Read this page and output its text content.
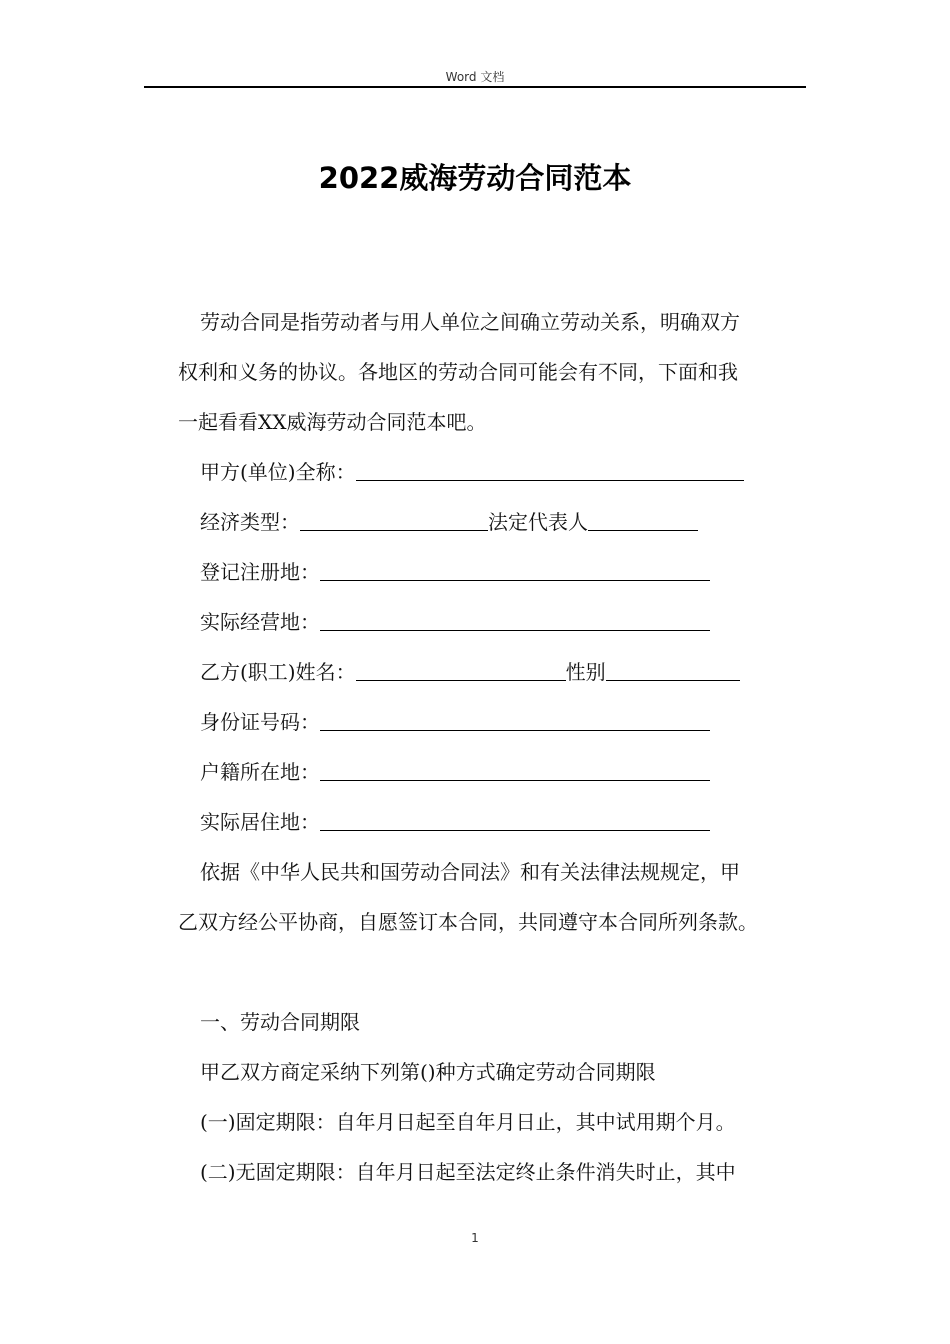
Word 文档
2022威海劳动合同范本

劳动合同是指劳动者与用人单位之间确立劳动关系，明确双方

权利和义务的协议。各地区的劳动合同可能会有不同，下面和我

一起看看XX威海劳动合同范本吧。

甲方(单位)全称：

经济类型：	法定代表人

登记注册地：

实际经营地：

乙方(职工)姓名：	性别

身份证号码：

户籍所在地：

实际居住地：

依据《中华人民共和国劳动合同法》和有关法律法规规定，甲

乙双方经公平协商，自愿签订本合同，共同遵守本合同所列条款。

一、劳动合同期限

甲乙双方商定采纳下列第()种方式确定劳动合同期限

(一)固定期限：自年月日起至自年月日止，其中试用期个月。

(二)无固定期限：自年月日起至法定终止条件消失时止，其中

1
